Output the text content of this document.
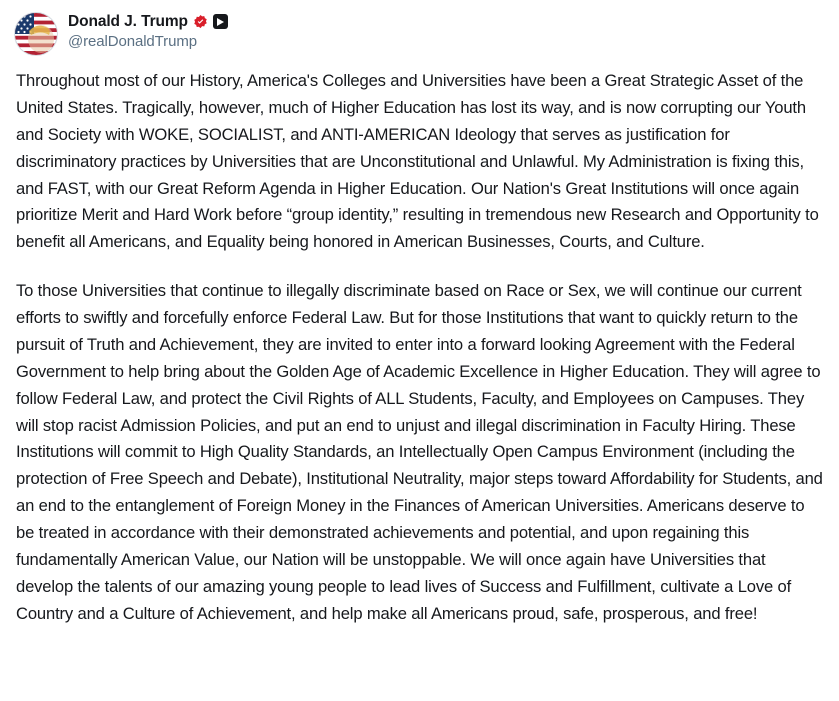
Donald J. Trump
@realDonaldTrump

Throughout most of our History, America's Colleges and Universities have been a Great Strategic Asset of the United States. Tragically, however, much of Higher Education has lost its way, and is now corrupting our Youth and Society with WOKE, SOCIALIST, and ANTI-AMERICAN Ideology that serves as justification for discriminatory practices by Universities that are Unconstitutional and Unlawful. My Administration is fixing this, and FAST, with our Great Reform Agenda in Higher Education. Our Nation's Great Institutions will once again prioritize Merit and Hard Work before “group identity,” resulting in tremendous new Research and Opportunity to benefit all Americans, and Equality being honored in American Businesses, Courts, and Culture.

To those Universities that continue to illegally discriminate based on Race or Sex, we will continue our current efforts to swiftly and forcefully enforce Federal Law. But for those Institutions that want to quickly return to the pursuit of Truth and Achievement, they are invited to enter into a forward looking Agreement with the Federal Government to help bring about the Golden Age of Academic Excellence in Higher Education. They will agree to follow Federal Law, and protect the Civil Rights of ALL Students, Faculty, and Employees on Campuses. They will stop racist Admission Policies, and put an end to unjust and illegal discrimination in Faculty Hiring. These Institutions will commit to High Quality Standards, an Intellectually Open Campus Environment (including the protection of Free Speech and Debate), Institutional Neutrality, major steps toward Affordability for Students, and an end to the entanglement of Foreign Money in the Finances of American Universities. Americans deserve to be treated in accordance with their demonstrated achievements and potential, and upon regaining this fundamentally American Value, our Nation will be unstoppable. We will once again have Universities that develop the talents of our amazing young people to lead lives of Success and Fulfillment, cultivate a Love of Country and a Culture of Achievement, and help make all Americans proud, safe, prosperous, and free!
